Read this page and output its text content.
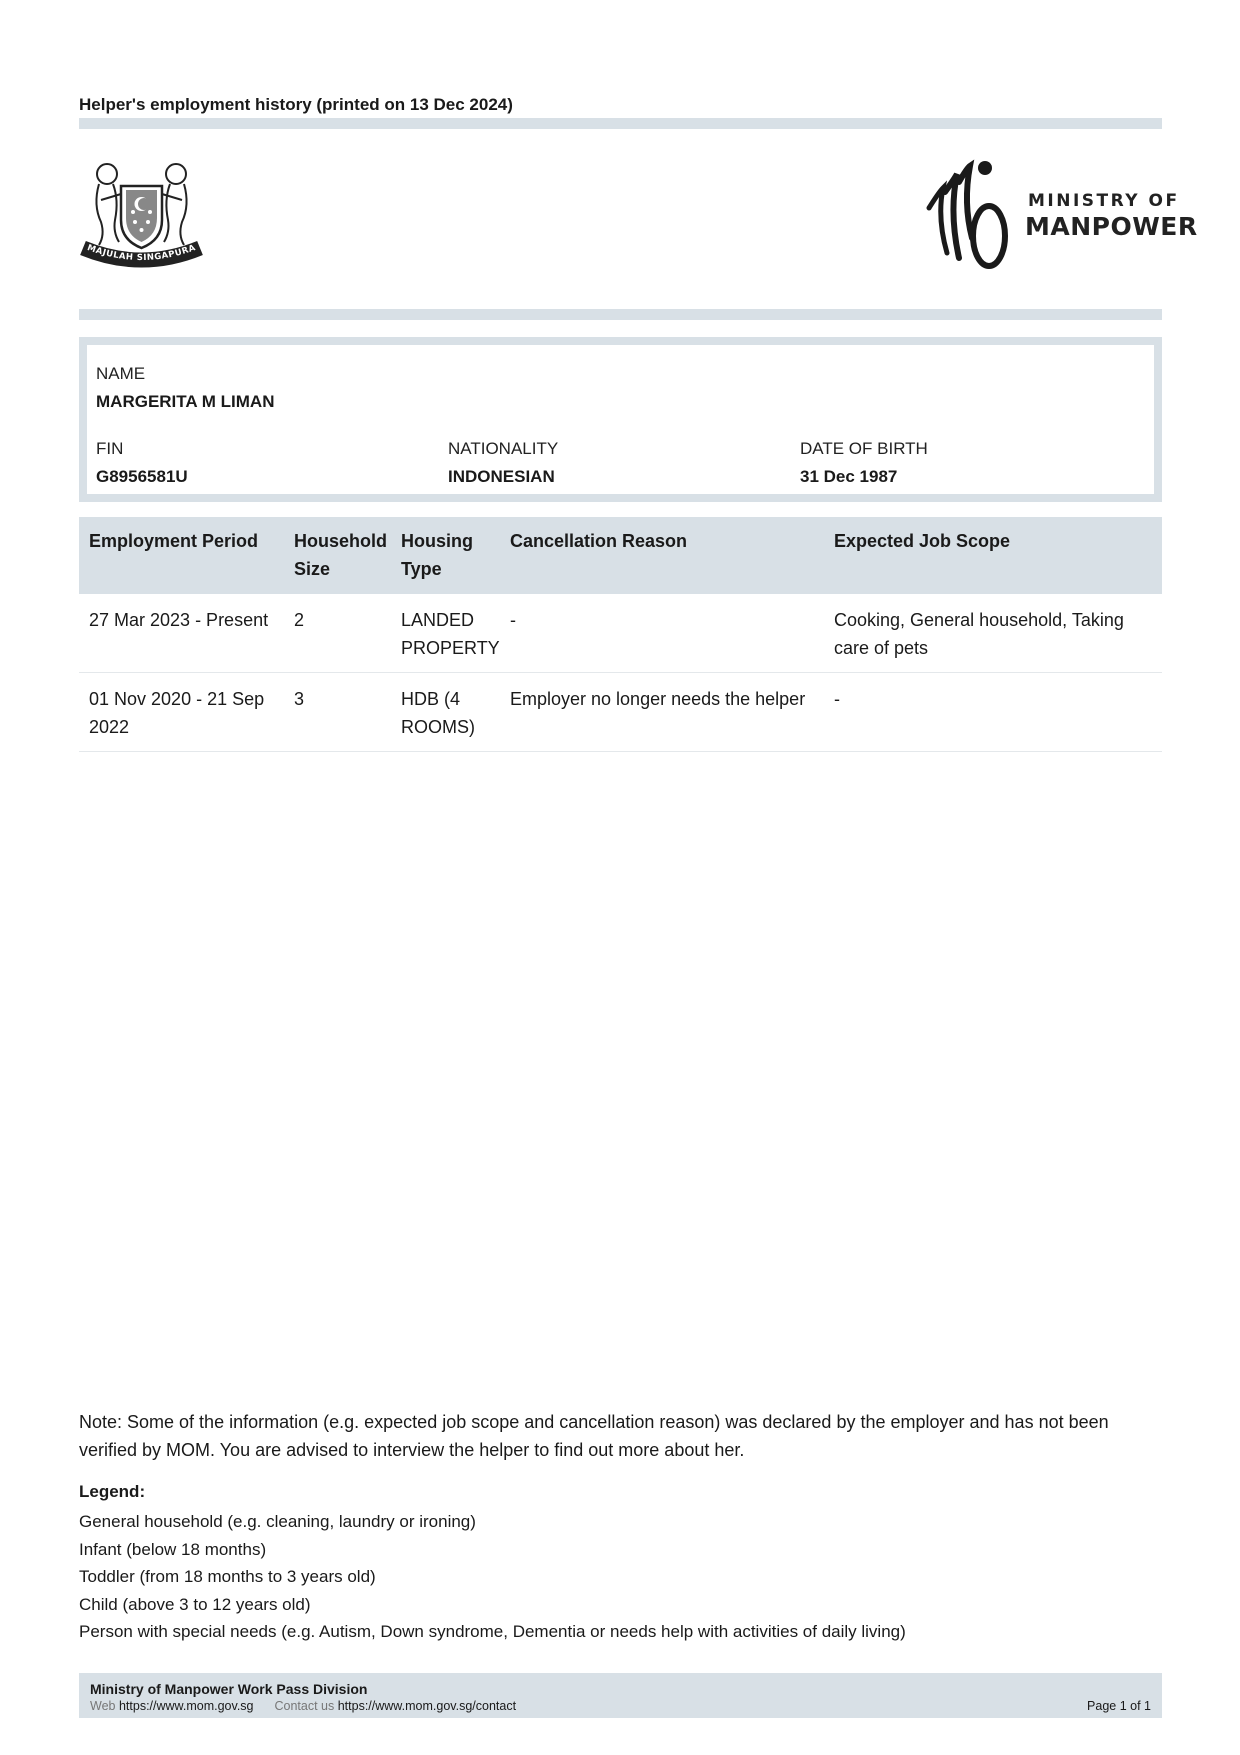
Helper's employment history (printed on 13 Dec 2024)
MAJULAH SINGAPURA
MINISTRY OF
MANPOWER
NAME
MARGERITA M LIMAN
FIN
G8956581U
NATIONALITY
INDONESIAN
DATE OF BIRTH
31 Dec 1987
Employment Period	Household Size	Housing Type	Cancellation Reason	Expected Job Scope
27 Mar 2023 - Present	2	LANDED PROPERTY	-	Cooking, General household, Taking care of pets
01 Nov 2020 - 21 Sep 2022	3	HDB (4 ROOMS)	Employer no longer needs the helper	-
Note: Some of the information (e.g. expected job scope and cancellation reason) was declared by the employer and has not been verified by MOM. You are advised to interview the helper to find out more about her.
Legend:
General household (e.g. cleaning, laundry or ironing)
Infant (below 18 months)
Toddler (from 18 months to 3 years old)
Child (above 3 to 12 years old)
Person with special needs (e.g. Autism, Down syndrome, Dementia or needs help with activities of daily living)
Ministry of Manpower Work Pass Division
Web https://www.mom.gov.sg Contact us https://www.mom.gov.sg/contact	Page 1 of 1
